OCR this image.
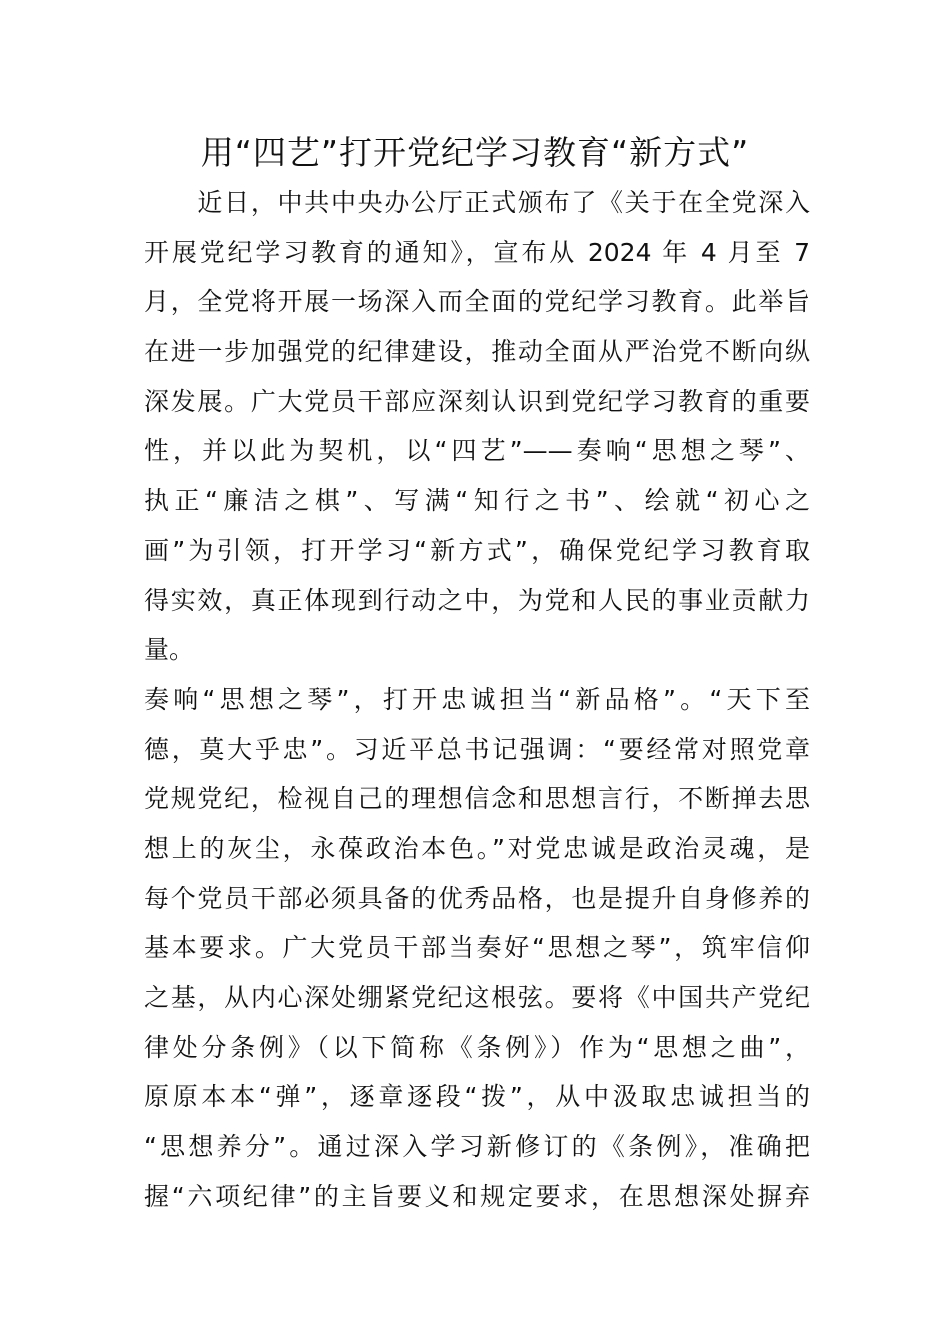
用“四艺”打开党纪学习教育“新方式”
　　近日，中共中央办公厅正式颁布了《关于在全党深入
开展党纪学习教育的通知》，宣布从 2024 年 4 月至 7
月，全党将开展一场深入而全面的党纪学习教育。此举旨
在进一步加强党的纪律建设，推动全面从严治党不断向纵
深发展。广大党员干部应深刻认识到党纪学习教育的重要
性，并以此为契机，以“四艺”——奏响“思想之琴”、
执正“廉洁之棋”、写满“知行之书”、绘就“初心之
画”为引领，打开学习“新方式”，确保党纪学习教育取
得实效，真正体现到行动之中，为党和人民的事业贡献力
量。
奏响“思想之琴”，打开忠诚担当“新品格”。“天下至
德，莫大乎忠”。习近平总书记强调：“要经常对照党章
党规党纪，检视自己的理想信念和思想言行，不断掸去思
想上的灰尘，永葆政治本色。”对党忠诚是政治灵魂，是
每个党员干部必须具备的优秀品格，也是提升自身修养的
基本要求。广大党员干部当奏好“思想之琴”，筑牢信仰
之基，从内心深处绷紧党纪这根弦。要将《中国共产党纪
律处分条例》（以下简称《条例》）作为“思想之曲”，
原原本本“弹”，逐章逐段“拨”，从中汲取忠诚担当的
“思想养分”。通过深入学习新修订的《条例》，准确把
握“六项纪律”的主旨要义和规定要求，在思想深处摒弃
